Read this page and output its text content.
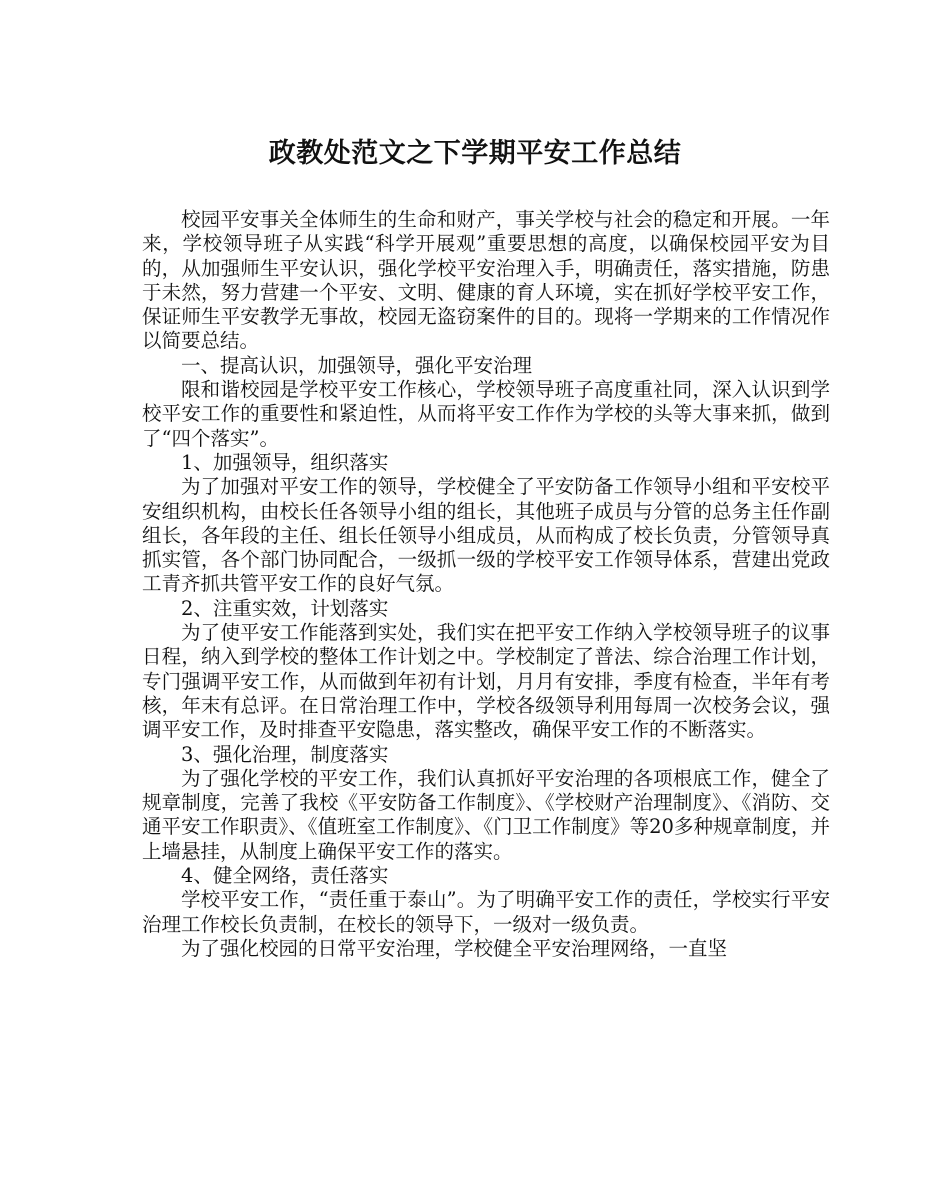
政教处范文之下学期平安工作总结

校园平安事关全体师生的生命和财产，事关学校与社会的稳定和开展。一年来，学校领导班子从实践“科学开展观”重要思想的高度，以确保校园平安为目的，从加强师生平安认识，强化学校平安治理入手，明确责任，落实措施，防患于未然，努力营建一个平安、文明、健康的育人环境，实在抓好学校平安工作，保证师生平安教学无事故，校园无盗窃案件的目的。现将一学期来的工作情况作以简要总结。

一、提高认识，加强领导，强化平安治理

限和谐校园是学校平安工作核心，学校领导班子高度重社同，深入认识到学校平安工作的重要性和紧迫性，从而将平安工作作为学校的头等大事来抓，做到了“四个落实”。

1、加强领导，组织落实

为了加强对平安工作的领导，学校健全了平安防备工作领导小组和平安校平安组织机构，由校长任各领导小组的组长，其他班子成员与分管的总务主任作副组长，各年段的主任、组长任领导小组成员，从而构成了校长负责，分管领导真抓实管，各个部门协同配合，一级抓一级的学校平安工作领导体系，营建出党政工青齐抓共管平安工作的良好气氛。

2、注重实效，计划落实

为了使平安工作能落到实处，我们实在把平安工作纳入学校领导班子的议事日程，纳入到学校的整体工作计划之中。学校制定了普法、综合治理工作计划，专门强调平安工作，从而做到年初有计划，月月有安排，季度有检查，半年有考核，年末有总评。在日常治理工作中，学校各级领导利用每周一次校务会议，强调平安工作，及时排查平安隐患，落实整改，确保平安工作的不断落实。

3、强化治理，制度落实

为了强化学校的平安工作，我们认真抓好平安治理的各项根底工作，健全了规章制度，完善了我校《平安防备工作制度》、《学校财产治理制度》、《消防、交通平安工作职责》、《值班室工作制度》、《门卫工作制度》等20多种规章制度，并上墙悬挂，从制度上确保平安工作的落实。

4、健全网络，责任落实

学校平安工作，“责任重于泰山”。为了明确平安工作的责任，学校实行平安治理工作校长负责制，在校长的领导下，一级对一级负责。

为了强化校园的日常平安治理，学校健全平安治理网络，一直坚
